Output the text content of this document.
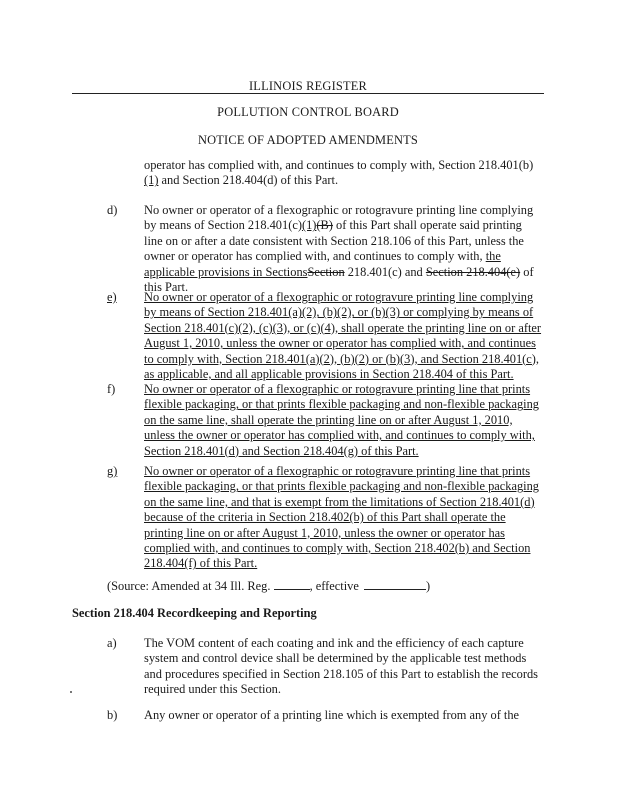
ILLINOIS REGISTER
POLLUTION CONTROL BOARD
NOTICE OF ADOPTED AMENDMENTS
operator has complied with, and continues to comply with, Section 218.401(b)(1) and Section 218.404(d) of this Part.
d) No owner or operator of a flexographic or rotogravure printing line complying by means of Section 218.401(c)(1)(B) of this Part shall operate said printing line on or after a date consistent with Section 218.106 of this Part, unless the owner or operator has complied with, and continues to comply with, the applicable provisions in SectionsSection 218.401(c) and Section 218.404(e) of this Part.
e) No owner or operator of a flexographic or rotogravure printing line complying by means of Section 218.401(a)(2), (b)(2), or (b)(3) or complying by means of Section 218.401(c)(2), (c)(3), or (c)(4), shall operate the printing line on or after August 1, 2010, unless the owner or operator has complied with, and continues to comply with, Section 218.401(a)(2), (b)(2) or (b)(3), and Section 218.401(c), as applicable, and all applicable provisions in Section 218.404 of this Part.
f) No owner or operator of a flexographic or rotogravure printing line that prints flexible packaging, or that prints flexible packaging and non-flexible packaging on the same line, shall operate the printing line on or after August 1, 2010, unless the owner or operator has complied with, and continues to comply with, Section 218.401(d) and Section 218.404(g) of this Part.
g) No owner or operator of a flexographic or rotogravure printing line that prints flexible packaging, or that prints flexible packaging and non-flexible packaging on the same line, and that is exempt from the limitations of Section 218.401(d) because of the criteria in Section 218.402(b) of this Part shall operate the printing line on or after August 1, 2010, unless the owner or operator has complied with, and continues to comply with, Section 218.402(b) and Section 218.404(f) of this Part.
(Source: Amended at 34 Ill. Reg.	, effective	)
Section 218.404 Recordkeeping and Reporting
a) The VOM content of each coating and ink and the efficiency of each capture system and control device shall be determined by the applicable test methods and procedures specified in Section 218.105 of this Part to establish the records required under this Section.
b) Any owner or operator of a printing line which is exempted from any of the
